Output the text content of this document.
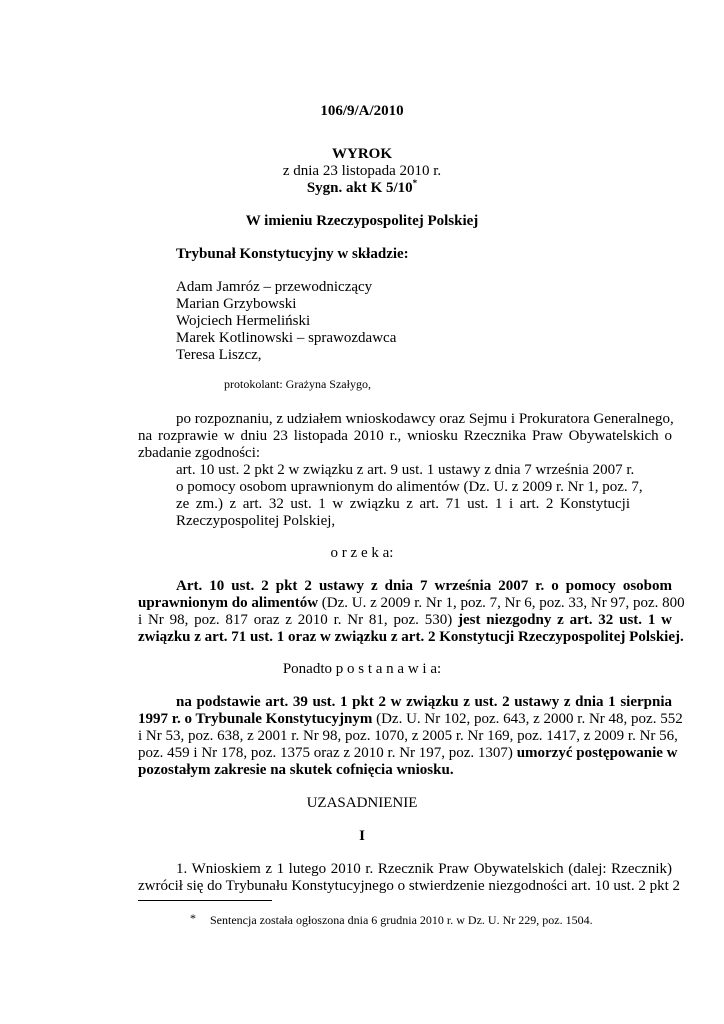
106/9/A/2010
WYROK
z dnia 23 listopada 2010 r.
Sygn. akt K 5/10*
W imieniu Rzeczypospolitej Polskiej
Trybunał Konstytucyjny w składzie:
Adam Jamróz – przewodniczący
Marian Grzybowski
Wojciech Hermeliński
Marek Kotlinowski – sprawozdawca
Teresa Liszcz,
protokolant: Grażyna Szałygo,
po rozpoznaniu, z udziałem wnioskodawcy oraz Sejmu i Prokuratora Generalnego,
na rozprawie w dniu 23 listopada 2010 r., wniosku Rzecznika Praw Obywatelskich o
zbadanie zgodności:
art. 10 ust. 2 pkt 2 w związku z art. 9 ust. 1 ustawy z dnia 7 września 2007 r.
o pomocy osobom uprawnionym do alimentów (Dz. U. z 2009 r. Nr 1, poz. 7,
ze zm.) z art. 32 ust. 1 w związku z art. 71 ust. 1 i art. 2 Konstytucji
Rzeczypospolitej Polskiej,
o r z e k a:
Art. 10 ust. 2 pkt 2 ustawy z dnia 7 września 2007 r. o pomocy osobom
uprawnionym do alimentów (Dz. U. z 2009 r. Nr 1, poz. 7, Nr 6, poz. 33, Nr 97, poz. 800
i Nr 98, poz. 817 oraz z 2010 r. Nr 81, poz. 530) jest niezgodny z art. 32 ust. 1 w
związku z art. 71 ust. 1 oraz w związku z art. 2 Konstytucji Rzeczypospolitej Polskiej.
Ponadto p o s t a n a w i a:
na podstawie art. 39 ust. 1 pkt 2 w związku z ust. 2 ustawy z dnia 1 sierpnia
1997 r. o Trybunale Konstytucyjnym (Dz. U. Nr 102, poz. 643, z 2000 r. Nr 48, poz. 552
i Nr 53, poz. 638, z 2001 r. Nr 98, poz. 1070, z 2005 r. Nr 169, poz. 1417, z 2009 r. Nr 56,
poz. 459 i Nr 178, poz. 1375 oraz z 2010 r. Nr 197, poz. 1307) umorzyć postępowanie w
pozostałym zakresie na skutek cofnięcia wniosku.
UZASADNIENIE
I
1. Wnioskiem z 1 lutego 2010 r. Rzecznik Praw Obywatelskich (dalej: Rzecznik)
zwrócił się do Trybunału Konstytucyjnego o stwierdzenie niezgodności art. 10 ust. 2 pkt 2
* Sentencja została ogłoszona dnia 6 grudnia 2010 r. w Dz. U. Nr 229, poz. 1504.
